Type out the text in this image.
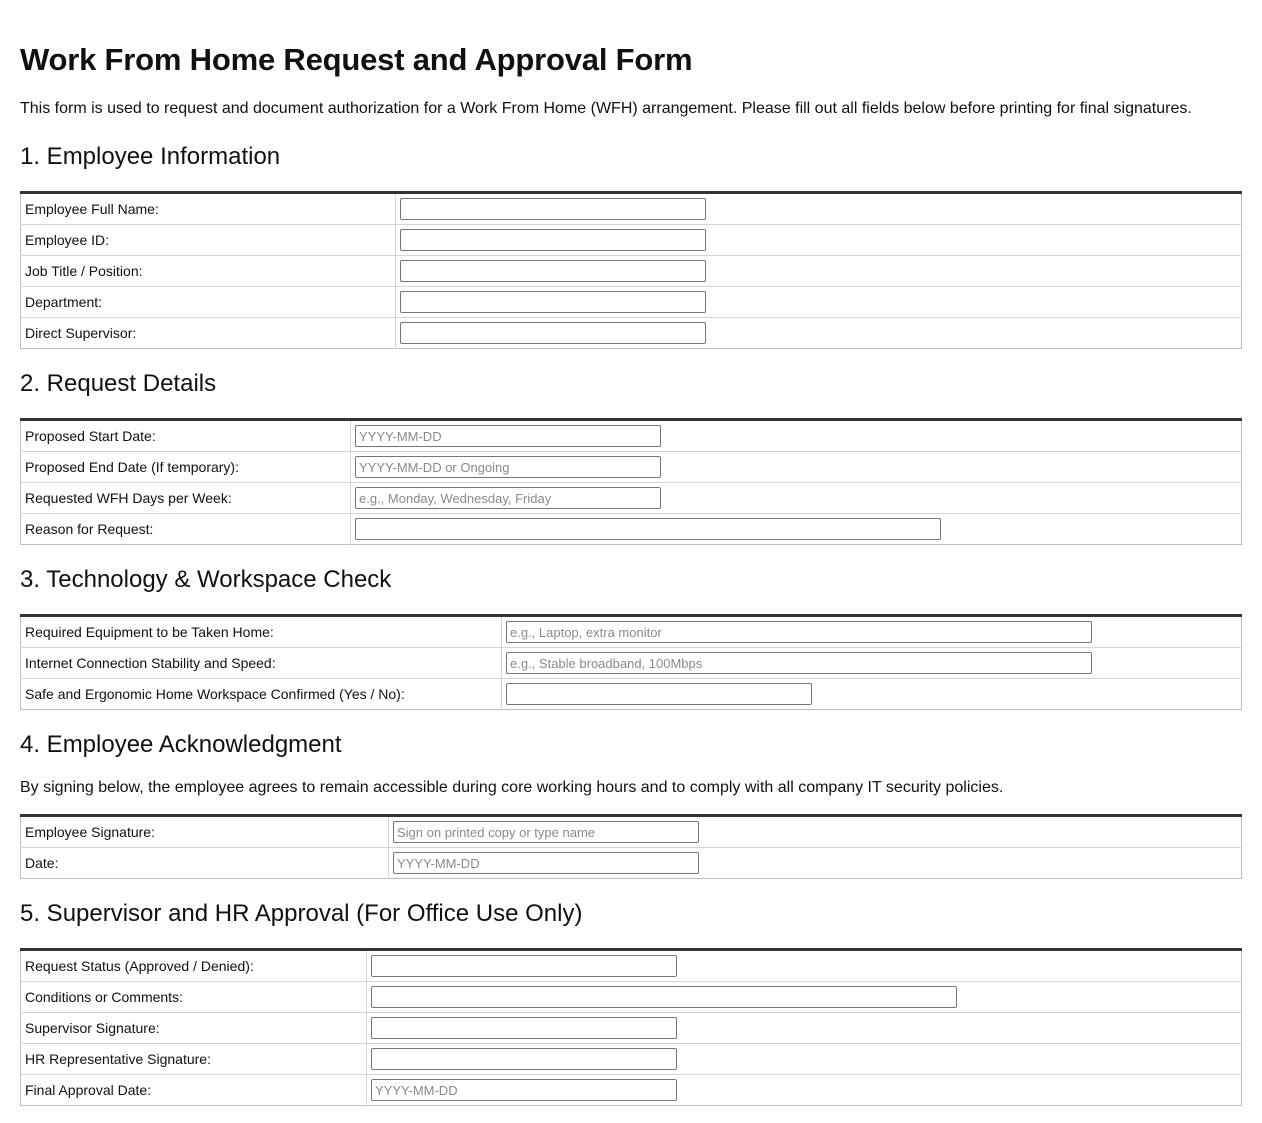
Work From Home Request and Approval Form

This form is used to request and document authorization for a Work From Home (WFH) arrangement. Please fill out all fields below before printing for final signatures.

1. Employee Information
Employee Full Name:	

Employee ID:	

Job Title / Position:	

Department:	

Direct Supervisor:	
2. Request Details
Proposed Start Date:	
YYYY-MM-DD
Proposed End Date (If temporary):	
YYYY-MM-DD or Ongoing
Requested WFH Days per Week:	
e.g., Monday, Wednesday, Friday
Reason for Request:	
3. Technology & Workspace Check
Required Equipment to be Taken Home:	
e.g., Laptop, extra monitor
Internet Connection Stability and Speed:	
e.g., Stable broadband, 100Mbps
Safe and Ergonomic Home Workspace Confirmed (Yes / No):	
4. Employee Acknowledgment

By signing below, the employee agrees to remain accessible during core working hours and to comply with all company IT security policies.

Employee Signature:	
Sign on printed copy or type name
Date:	
YYYY-MM-DD
5. Supervisor and HR Approval (For Office Use Only)
Request Status (Approved / Denied):	

Conditions or Comments:	

Supervisor Signature:	

HR Representative Signature:	

Final Approval Date:	
YYYY-MM-DD
